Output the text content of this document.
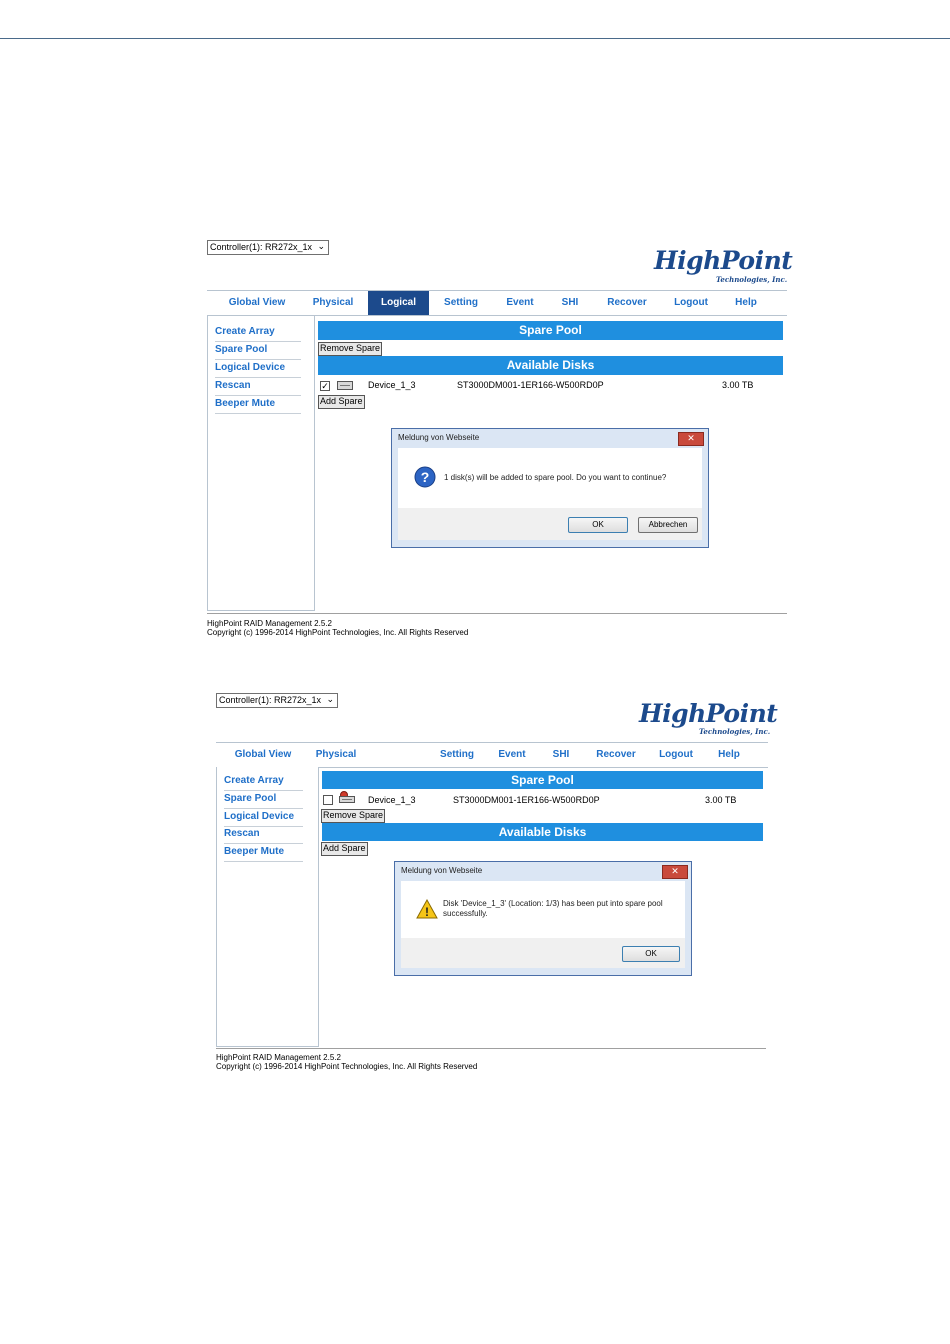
Controller(1): RR272x_1x ⌄	HighPoint
Technologies, Inc.
Global View	Physical	Logical	Setting	Event	SHI	Recover	Logout	Help
Create Array
Spare Pool
Logical Device
Rescan
Beeper Mute
Spare Pool
Remove Spare
Available Disks
✓	Device_1_3	ST3000DM001-1ER166-W500RD0P	3.00 TB
Add Spare
HighPoint RAID Management 2.5.2
Copyright (c) 1996-2014 HighPoint Technologies, Inc. All Rights Reserved
Meldung von Webseite	✕
? 1 disk(s) will be added to spare pool. Do you want to continue?
OK	Abbrechen
Controller(1): RR272x_1x ⌄	HighPoint
Technologies, Inc.
Global View	Physical	Setting	Event	SHI	Recover	Logout	Help
Create Array
Spare Pool
Logical Device
Rescan
Beeper Mute
Spare Pool
Device_1_3	ST3000DM001-1ER166-W500RD0P	3.00 TB
Remove Spare
Available Disks
Add Spare
HighPoint RAID Management 2.5.2
Copyright (c) 1996-2014 HighPoint Technologies, Inc. All Rights Reserved
Meldung von Webseite	✕
!
Disk 'Device_1_3' (Location: 1/3) has been put into spare pool successfully.
OK
